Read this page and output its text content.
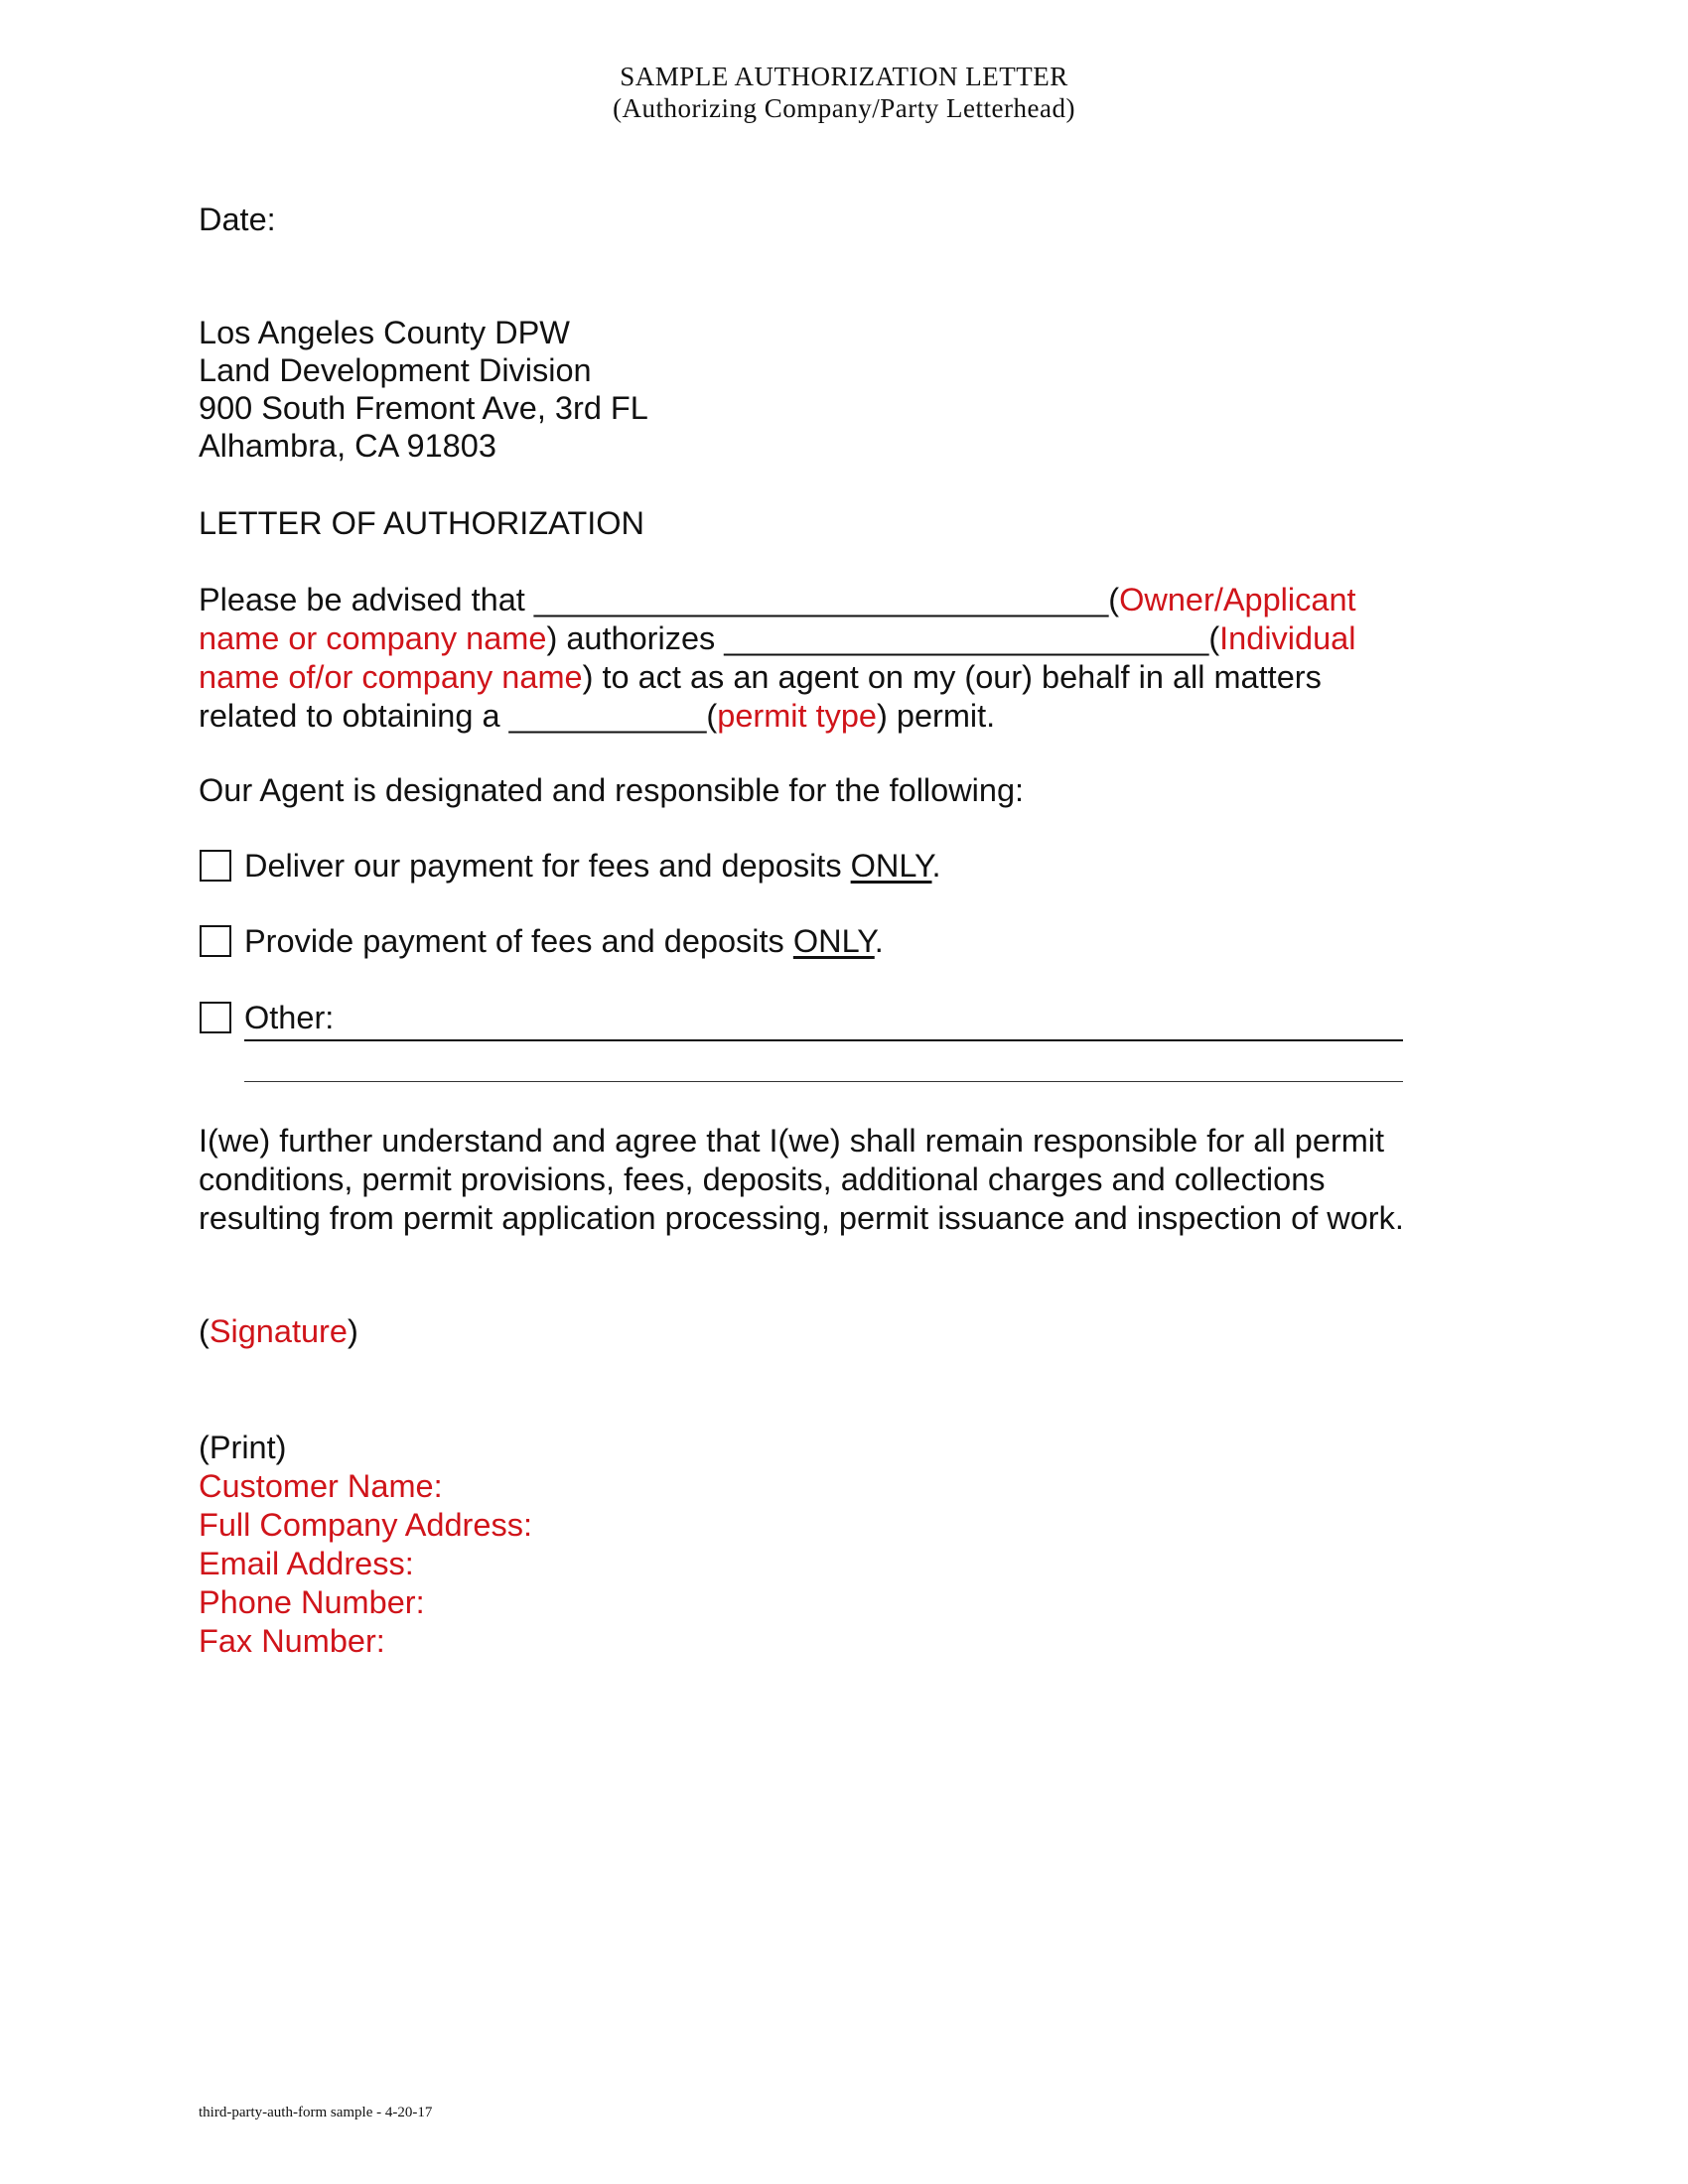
SAMPLE AUTHORIZATION LETTER
(Authorizing Company/Party Letterhead)
Date:
Los Angeles County DPW
Land Development Division
900 South Fremont Ave, 3rd FL
Alhambra, CA 91803
LETTER OF AUTHORIZATION
Please be advised that ________________________________(Owner/Applicant
name or company name) authorizes ___________________________(Individual
name of/or company name) to act as an agent on my (our) behalf in all matters
related to obtaining a ___________(permit type) permit.
Our Agent is designated and responsible for the following:
Deliver our payment for fees and deposits ONLY.
Provide payment of fees and deposits ONLY.
Other:
I(we) further understand and agree that I(we) shall remain responsible for all permit
conditions, permit provisions, fees, deposits, additional charges and collections
resulting from permit application processing, permit issuance and inspection of work.
(Signature)
(Print)
Customer Name:
Full Company Address:
Email Address:
Phone Number:
Fax Number:
third-party-auth-form sample - 4-20-17
